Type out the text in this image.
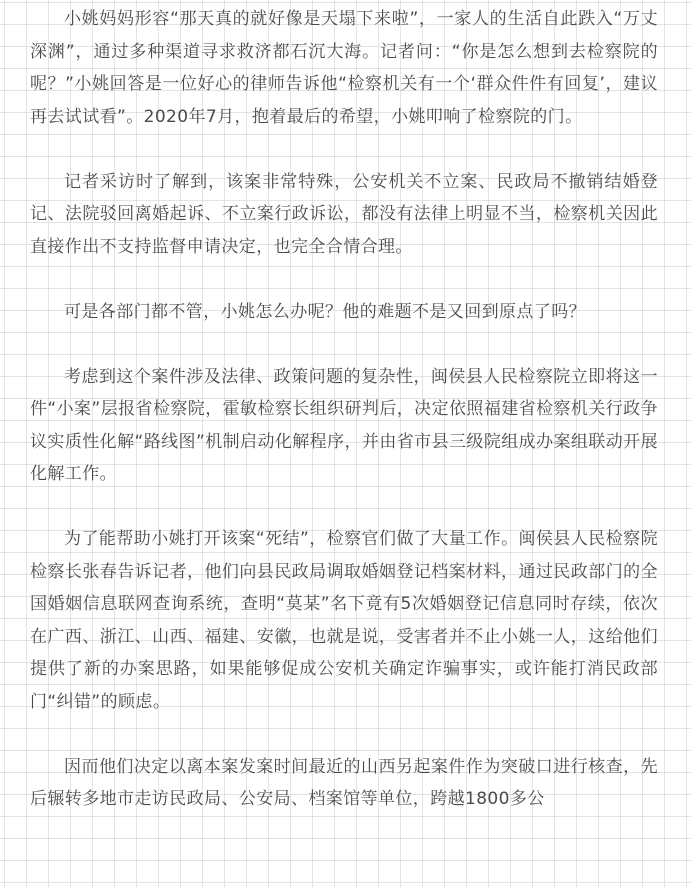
小姚妈妈形容“那天真的就好像是天塌下来啦”，一家人的生活自此跌入“万丈深渊”，通过多种渠道寻求救济都石沉大海。记者问：“你是怎么想到去检察院的呢？”小姚回答是一位好心的律师告诉他“检察机关有一个‘群众件件有回复’，建议再去试试看”。2020年7月，抱着最后的希望，小姚叩响了检察院的门。

记者采访时了解到，该案非常特殊，公安机关不立案、民政局不撤销结婚登记、法院驳回离婚起诉、不立案行政诉讼，都没有法律上明显不当，检察机关因此直接作出不支持监督申请决定，也完全合情合理。

可是各部门都不管，小姚怎么办呢？他的难题不是又回到原点了吗？

考虑到这个案件涉及法律、政策问题的复杂性，闽侯县人民检察院立即将这一件“小案”层报省检察院，霍敏检察长组织研判后，决定依照福建省检察机关行政争议实质性化解“路线图”机制启动化解程序，并由省市县三级院组成办案组联动开展化解工作。

为了能帮助小姚打开该案“死结”，检察官们做了大量工作。闽侯县人民检察院检察长张春告诉记者，他们向县民政局调取婚姻登记档案材料，通过民政部门的全国婚姻信息联网查询系统，查明“莫某”名下竟有5次婚姻登记信息同时存续，依次在广西、浙江、山西、福建、安徽，也就是说，受害者并不止小姚一人，这给他们提供了新的办案思路，如果能够促成公安机关确定诈骗事实，或许能打消民政部门“纠错”的顾虑。

因而他们决定以离本案发案时间最近的山西另起案件作为突破口进行核查，先后辗转多地市走访民政局、公安局、档案馆等单位，跨越1800多公
